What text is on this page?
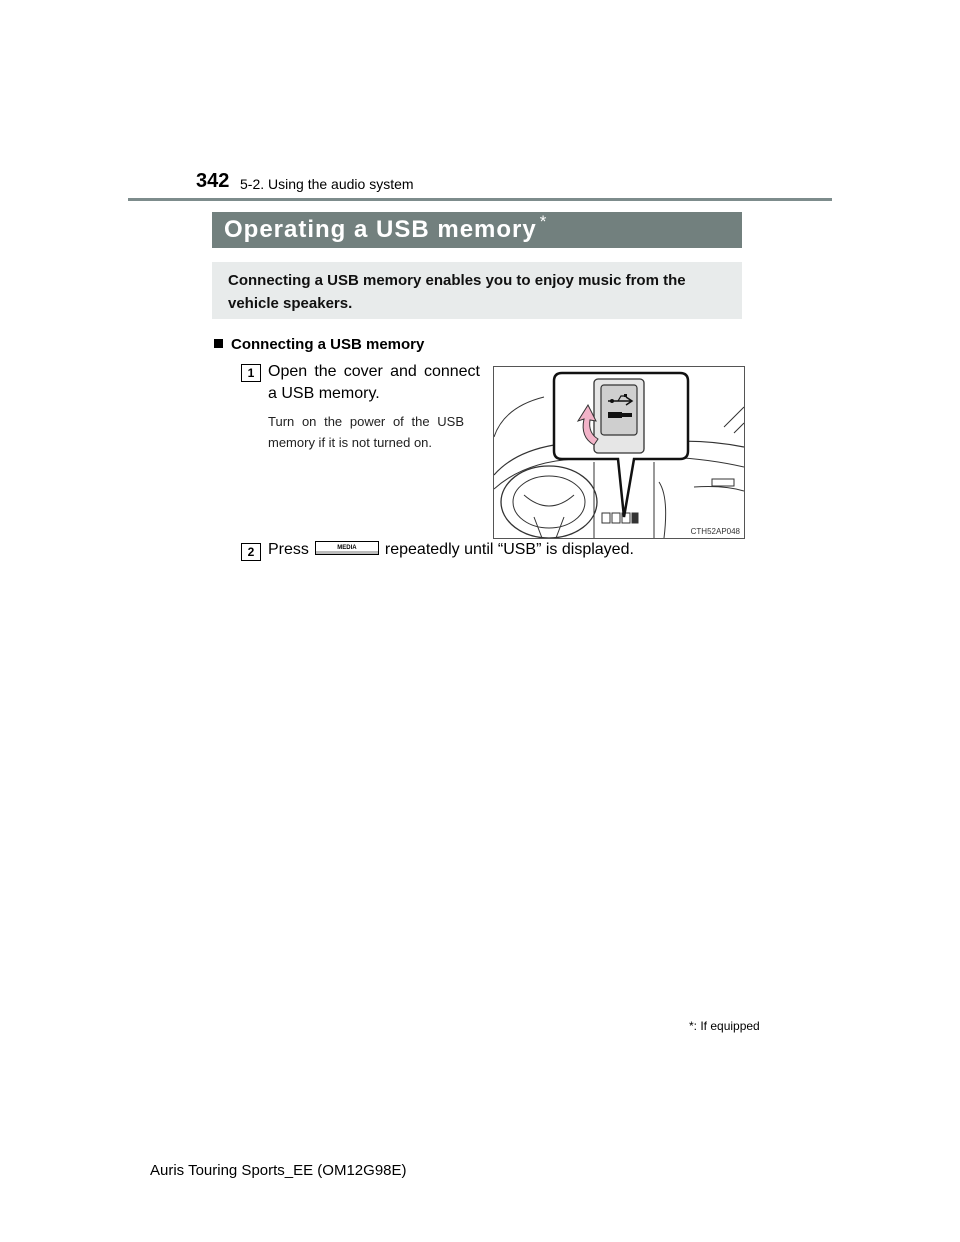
342 5-2. Using the audio system
Operating a USB memory *
Connecting a USB memory enables you to enjoy music from the vehicle speakers.
Connecting a USB memory
1 Open the cover and connect a USB memory.
Turn on the power of the USB memory if it is not turned on.
CTH52AP048
2 Press	MEDIA repeatedly until “USB” is displayed.
*: If equipped
Auris Touring Sports_EE (OM12G98E)
